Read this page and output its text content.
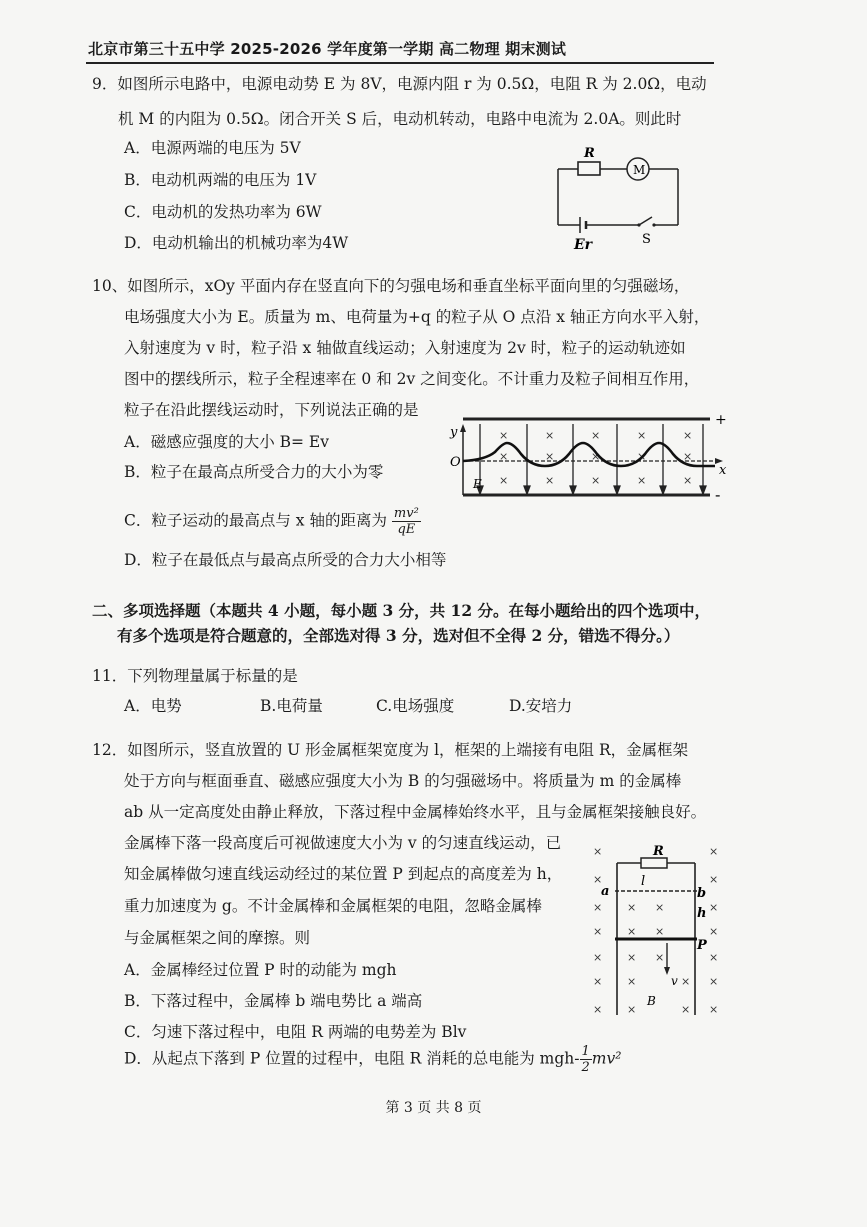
北京市第三十五中学 2025-2026 学年度第一学期 高二物理 期末测试
9．如图所示电路中，电源电动势 E 为 8V，电源内阻 r 为 0.5Ω，电阻 R 为 2.0Ω，电动
机 M 的内阻为 0.5Ω。闭合开关 S 后，电动机转动，电路中电流为 2.0A。则此时
A．电源两端的电压为 5V
B．电动机两端的电压为 1V
C．电动机的发热功率为 6W
D．电动机输出的机械功率为4W
R
M
Er	S
10、如图所示，xOy 平面内存在竖直向下的匀强电场和垂直坐标平面向里的匀强磁场，
电场强度大小为 E。质量为 m、电荷量为+q 的粒子从 O 点沿 x 轴正方向水平入射，
入射速度为 v 时，粒子沿 x 轴做直线运动；入射速度为 2v 时，粒子的运动轨迹如
图中的摆线所示，粒子全程速率在 0 和 2v 之间变化。不计重力及粒子间相互作用，
粒子在沿此摆线运动时，下列说法正确的是
A．磁感应强度的大小 B= Ev
B．粒子在最高点所受合力的大小为零
C．粒子运动的最高点与 x 轴的距离为 $\frac{\text{mv²}}{qE}$
D．粒子在最低点与最高点所受的合力大小相等
+
-
y
x
O
E
×	×	×	×	×
×	×	×	×	×
×	×	×	×	×
二、多项选择题（本题共 4 小题，每小题 3 分，共 12 分。在每小题给出的四个选项中，
有多个选项是符合题意的，全部选对得 3 分，选对但不全得 2 分，错选不得分。）
11．下列物理量属于标量的是
A．电势	B.电荷量	C.电场强度	D.安培力
12．如图所示，竖直放置的 U 形金属框架宽度为 l，框架的上端接有电阻 R，金属框架
处于方向与框面垂直、磁感应强度大小为 B 的匀强磁场中。将质量为 m 的金属棒
ab 从一定高度处由静止释放，下落过程中金属棒始终水平，且与金属框架接触良好。
金属棒下落一段高度后可视做速度大小为 v 的匀速直线运动，已
知金属棒做匀速直线运动经过的某位置 P 到起点的高度差为 h，
重力加速度为 g。不计金属棒和金属框架的电阻，忽略金属棒
与金属框架之间的摩擦。则
A．金属棒经过位置 P 时的动能为 mgh
B．下落过程中，金属棒 b 端电势比 a 端高
C．匀速下落过程中，电阻 R 两端的电势差为 Blv
D．从起点下落到 P 位置的过程中，电阻 R 消耗的总电能为 $mgh- \frac{1}{2} mv^2$
×	×
×	×
× × ×	×
× × ×	×
× × ×	×
× ×	× ×
× ×	× ×
R
l
a	b
h
P
v
B
第 3 页 共 8 页
